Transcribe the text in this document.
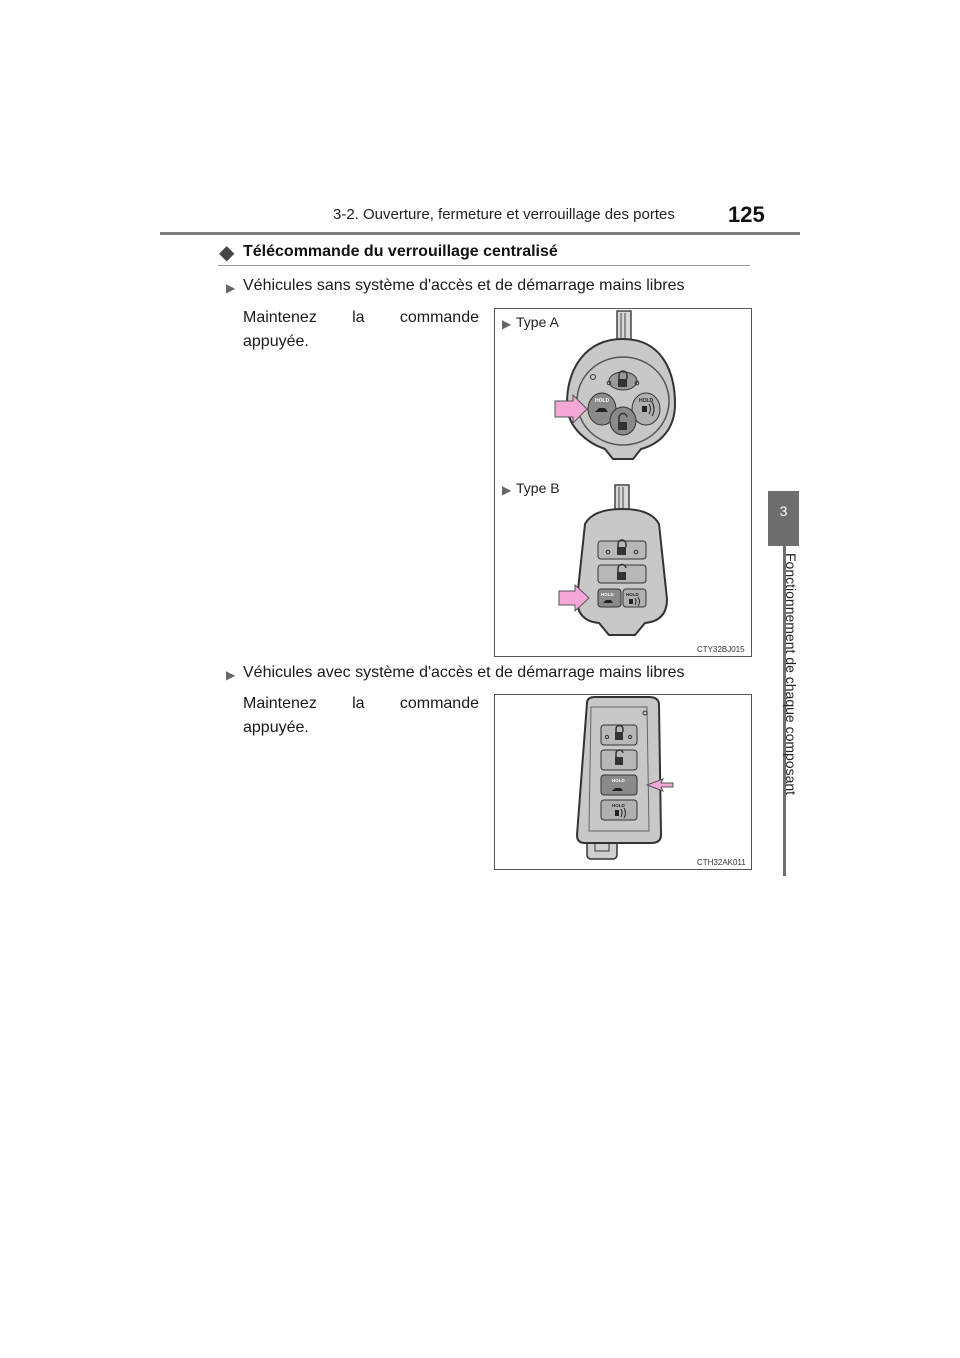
3-2. Ouverture, fermeture et verrouillage des portes 125
3
Fonctionnement de chaque composant
◆ Télécommande du verrouillage centralisé
▶ Véhicules sans système d'accès et de démarrage mains libres
Maintenez la commande
appuyée.
▶ Type A
▶ Type B
HOLD	HOLD
HOLD	HOLD
CTY32BJ015
▶ Véhicules avec système d'accès et de démarrage mains libres
Maintenez la commande
appuyée.
HOLD
HOLD
CTH32AK011
